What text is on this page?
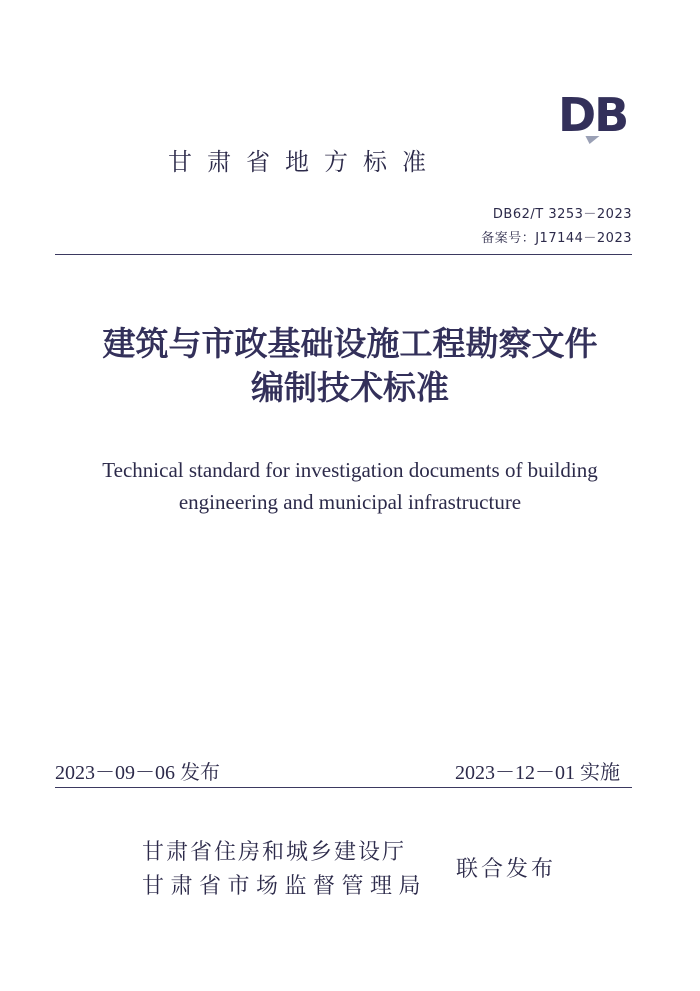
DB
甘肃省地方标准
DB62/T 3253－2023
备案号：J17144－2023
建筑与市政基础设施工程勘察文件
编制技术标准
Technical standard for investigation documents of building
engineering and municipal infrastructure
2023－09－06 发布	2023－12－01 实施
甘肃省住房和城乡建设厅
甘肃省市场监督管理局
联合发布
